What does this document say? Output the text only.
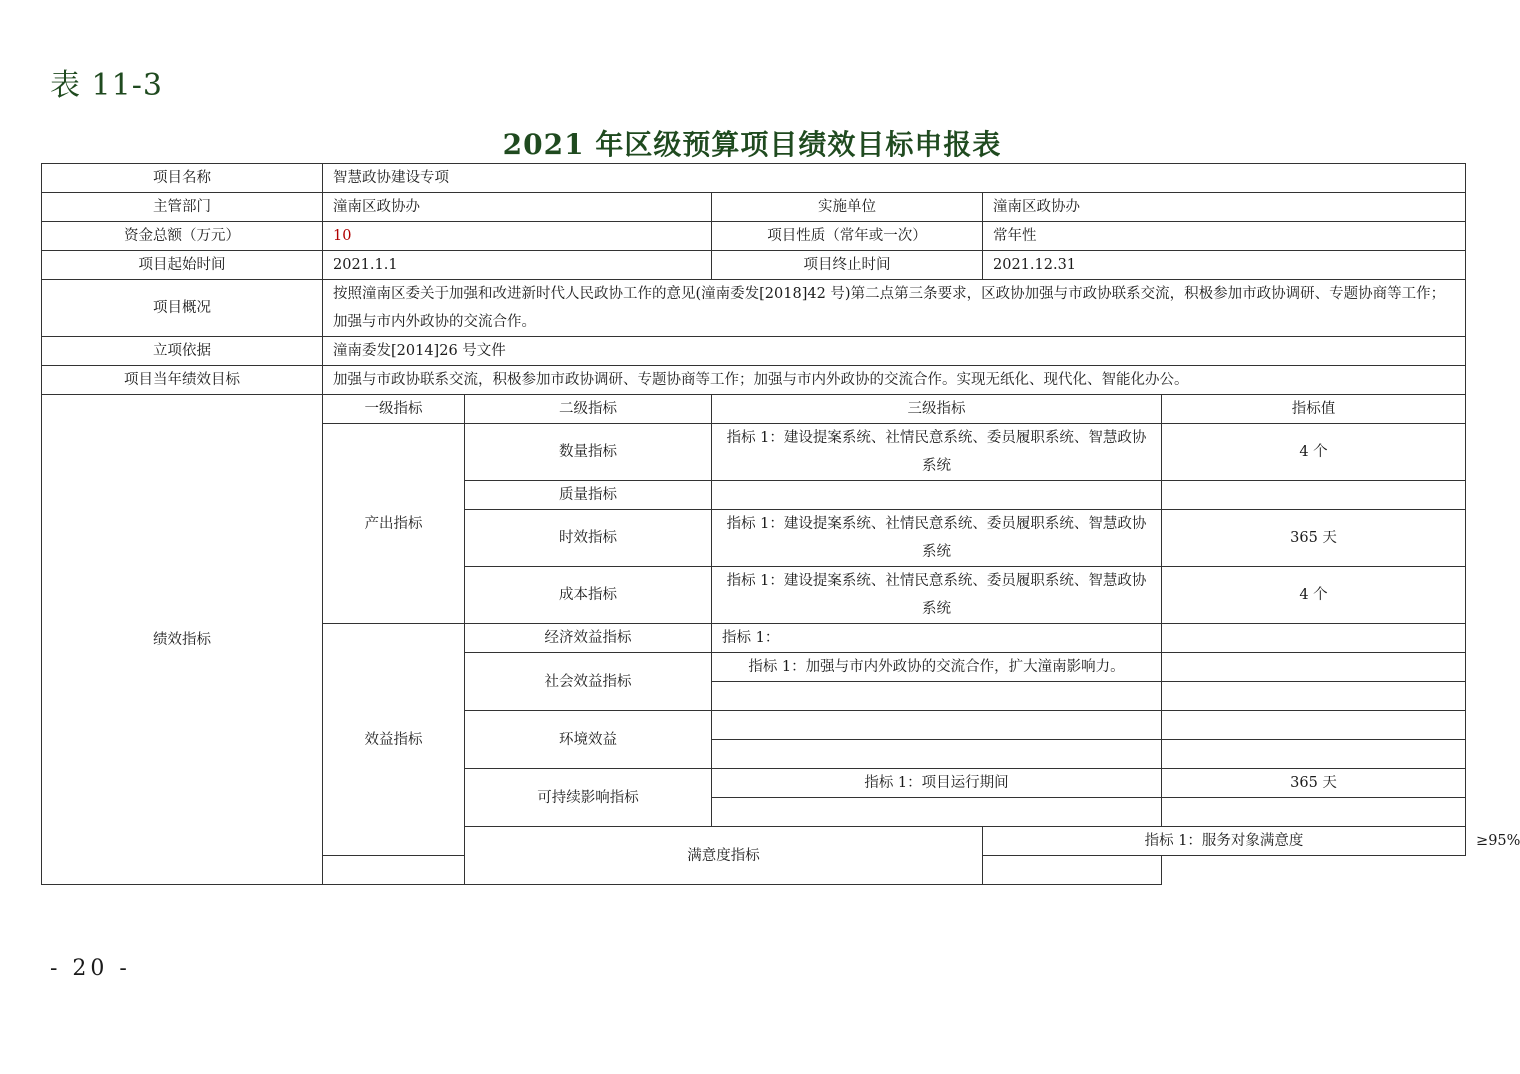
表 11-3
2021 年区级预算项目绩效目标申报表
项目名称	智慧政协建设专项					
主管部门	潼南区政协办		实施单位	潼南区政协办		
资金总额（万元）	10		项目性质（常年或一次）	常年性		
项目起始时间	2021.1.1		项目终止时间	2021.12.31		
项目概况	按照潼南区委关于加强和改进新时代人民政协工作的意见(潼南委发[2018]42 号)第二点第三条要求，区政协加强与市政协联系交流，积极参加市政协调研、专题协商等工作；加强与市内外政协的交流合作。					
立项依据	潼南委发[2014]26 号文件					
项目当年绩效目标	加强与市政协联系交流，积极参加市政协调研、专题协商等工作；加强与市内外政协的交流合作。实现无纸化、现代化、智能化办公。					
绩效指标	一级指标	二级指标	三级指标		指标值	
	产出指标	数量指标	指标 1：建设提案系统、社情民意系统、委员履职系统、智慧政协系统		4 个	
		质量指标				
		时效指标	指标 1：建设提案系统、社情民意系统、委员履职系统、智慧政协系统		365 天	
		成本指标	指标 1：建设提案系统、社情民意系统、委员履职系统、智慧政协系统		4 个	
	效益指标	经济效益指标	指标 1：			
		社会效益指标	指标 1：加强与市内外政协的交流合作，扩大潼南影响力。			

		环境效益				

		可持续影响指标	指标 1：项目运行期间		365 天	

		满意度指标		指标 1：服务对象满意度		≥95%

- 20 -
